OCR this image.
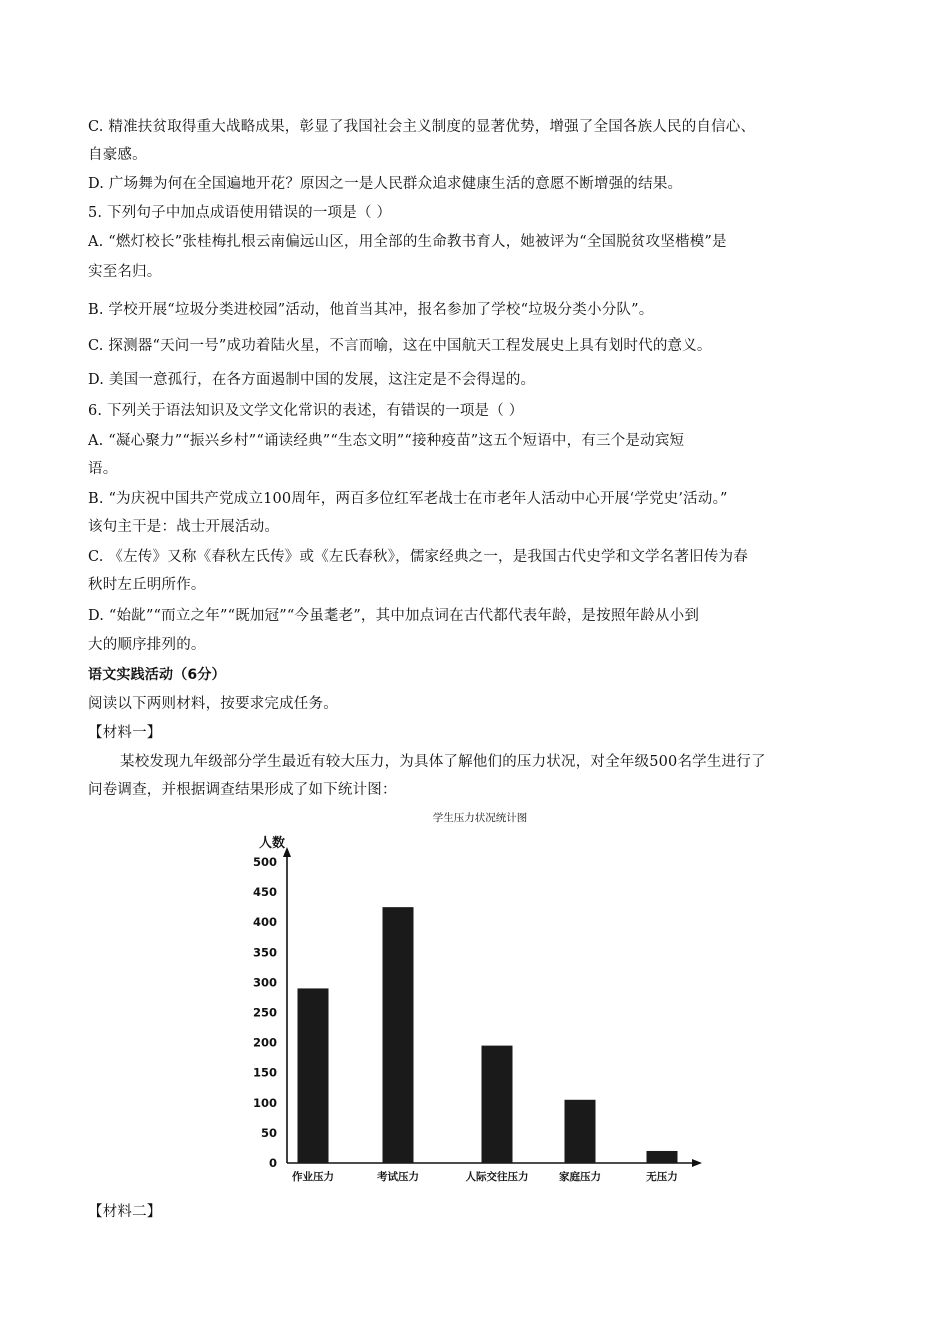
C. 精准扶贫取得重大战略成果，彰显了我国社会主义制度的显著优势，增强了全国各族人民的自信心、
自豪感。
D. 广场舞为何在全国遍地开花？原因之一是人民群众追求健康生活的意愿不断增强的结果。
5. 下列句子中加点成语使用错误的一项是（ ）
A. “燃灯校长”张桂梅扎根云南偏远山区，用全部的生命教书育人，她被评为“全国脱贫攻坚楷模”是
实至名归。
B. 学校开展“垃圾分类进校园”活动，他首当其冲，报名参加了学校“垃圾分类小分队”。
C. 探测器“天问一号”成功着陆火星，不言而喻，这在中国航天工程发展史上具有划时代的意义。
D. 美国一意孤行，在各方面遏制中国的发展，这注定是不会得逞的。
6. 下列关于语法知识及文学文化常识的表述，有错误的一项是（ ）
A. “凝心聚力”“振兴乡村”“诵读经典”“生态文明”“接种疫苗”这五个短语中，有三个是动宾短
语。
B. “为庆祝中国共产党成立100周年，两百多位红军老战士在市老年人活动中心开展‘学党史’活动。”
该句主干是：战士开展活动。
C. 《左传》又称《春秋左氏传》或《左氏春秋》，儒家经典之一，是我国古代史学和文学名著旧传为春
秋时左丘明所作。
D. “始龀”“而立之年”“既加冠”“今虽耄老”，其中加点词在古代都代表年龄，是按照年龄从小到
大的顺序排列的。
语文实践活动（6分）
阅读以下两则材料，按要求完成任务。
【材料一】
某校发现九年级部分学生最近有较大压力，为具体了解他们的压力状况，对全年级500名学生进行了
问卷调查，并根据调查结果形成了如下统计图：
学生压力状况统计图
人数
0
50
100
150
200
250
300
350
400
450
500
作业压力	考试压力	人际交往压力	家庭压力	无压力
【材料二】
